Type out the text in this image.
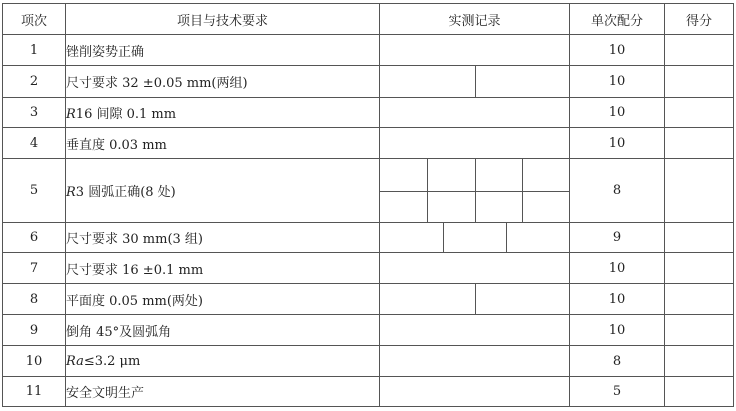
项次	项目与技术要求	实测记录	单次配分	得分
1	锉削姿势正确		10	
2	尺寸要求 32 ±0.05 mm(两组)		10	
3	R16 间隙 0.1 mm		10	
4	垂直度 0.03 mm		10	
5	R3 圆弧正确(8 处)		8	
6	尺寸要求 30 mm(3 组)		9	
7	尺寸要求 16 ±0.1 mm		10	
8	平面度 0.05 mm(两处)		10	
9	倒角 45°及圆弧角		10	
10	Ra≤3.2 μm		8	
11	安全文明生产		5	
